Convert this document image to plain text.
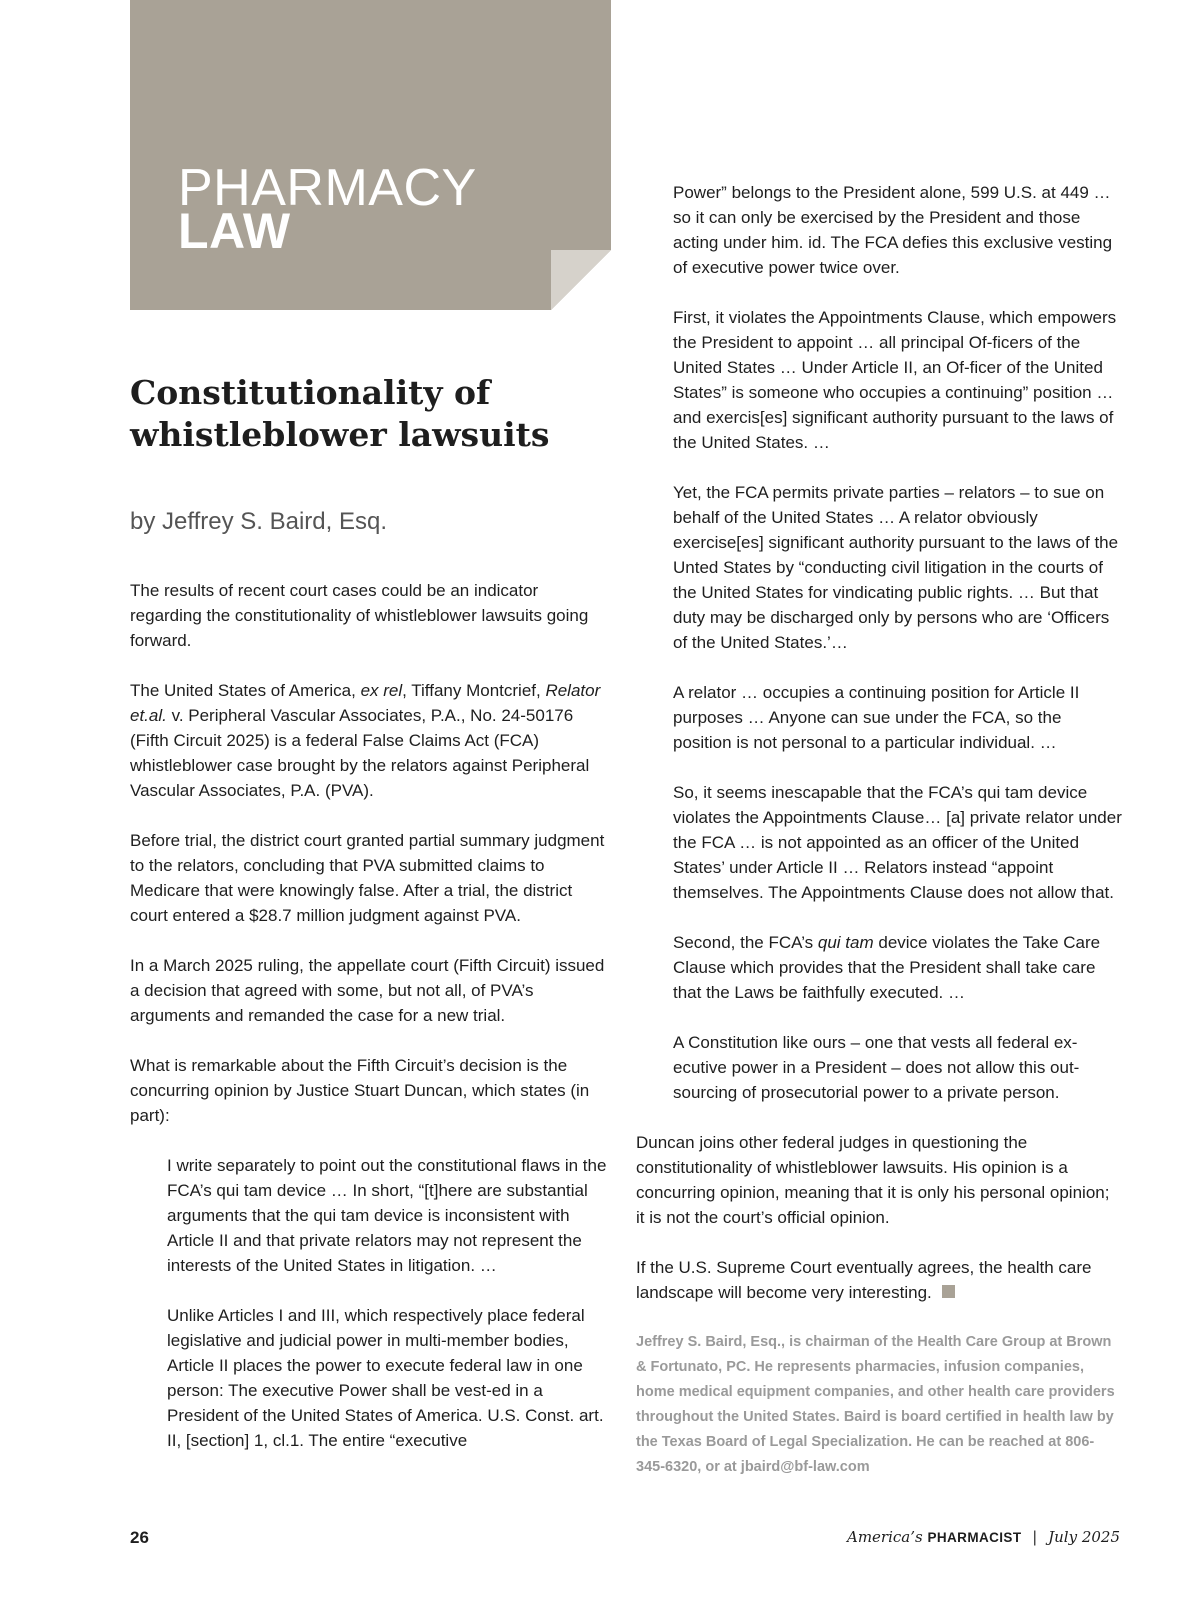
PHARMACY
LAW
Constitutionality of whistleblower lawsuits
by Jeffrey S. Baird, Esq.

The results of recent court cases could be an indicator regarding the constitutionality of whistleblower lawsuits going forward.

The United States of America, ex rel, Tiffany Montcrief, Relator et.al. v. Peripheral Vascular Associates, P.A., No. 24-50176 (Fifth Circuit 2025) is a federal False Claims Act (FCA) whistleblower case brought by the relators against Peripheral Vascular Associates, P.A. (PVA).

Before trial, the district court granted partial summary judgment to the relators, concluding that PVA submitted claims to Medicare that were knowingly false. After a trial, the district court entered a $28.7 million judgment against PVA.

In a March 2025 ruling, the appellate court (Fifth Circuit) issued a decision that agreed with some, but not all, of PVA’s arguments and remanded the case for a new trial.

What is remarkable about the Fifth Circuit’s decision is the concurring opinion by Justice Stuart Duncan, which states (in part):

I write separately to point out the constitutional flaws in the FCA’s qui tam device … In short, “[t]here are substantial arguments that the qui tam device is inconsistent with Article II and that private relators may not represent the interests of the United States in litigation. …

Unlike Articles I and III, which respectively place federal legislative and judicial power in multi-member bodies, Article II places the power to execute federal law in one person: The executive Power shall be vest-ed in a President of the United States of America. U.S. Const. art. II, [section] 1, cl.1. The entire “executive

Power” belongs to the President alone, 599 U.S. at 449 … so it can only be exercised by the President and those acting under him. id. The FCA defies this exclusive vesting of executive power twice over.

First, it violates the Appointments Clause, which empowers the President to appoint … all principal Of-ficers of the United States … Under Article II, an Of-ficer of the United States” is someone who occupies a continuing” position … and exercis[es] significant authority pursuant to the laws of the United States. …

Yet, the FCA permits private parties – relators – to sue on behalf of the United States … A relator obviously exercise[es] significant authority pursuant to the laws of the Unted States by “conducting civil litigation in the courts of the United States for vindicating public rights. … But that duty may be discharged only by persons who are ‘Officers of the United States.’…

A relator … occupies a continuing position for Article II purposes … Anyone can sue under the FCA, so the position is not personal to a particular individual. …

So, it seems inescapable that the FCA’s qui tam device violates the Appointments Clause… [a] private relator under the FCA … is not appointed as an officer of the United States’ under Article II … Relators instead “appoint themselves. The Appointments Clause does not allow that.

Second, the FCA’s qui tam device violates the Take Care Clause which provides that the President shall take care that the Laws be faithfully executed. …

A Constitution like ours – one that vests all federal ex-ecutive power in a President – does not allow this out-sourcing of prosecutorial power to a private person.

Duncan joins other federal judges in questioning the constitutionality of whistleblower lawsuits. His opinion is a concurring opinion, meaning that it is only his personal opinion; it is not the court’s official opinion.

If the U.S. Supreme Court eventually agrees, the health care landscape will become very interesting.

Jeffrey S. Baird, Esq., is chairman of the Health Care Group at Brown & Fortunato, PC. He represents pharmacies, infusion companies, home medical equipment companies, and other health care providers throughout the United States. Baird is board certified in health law by the Texas Board of Legal Specialization. He can be reached at 806-345-6320, or at jbaird@bf-law.com

26	America’s PHARMACIST | July 2025
